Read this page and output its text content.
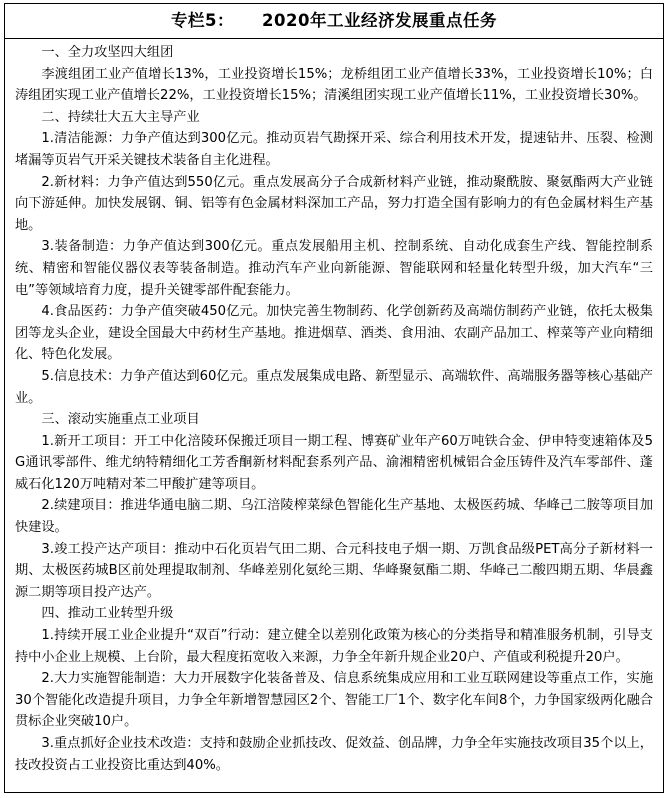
专栏5： 2020年工业经济发展重点任务

一、全力攻坚四大组团

李渡组团工业产值增长13%，工业投资增长15%；龙桥组团工业产值增长33%，工业投资增长10%；白涛组团实现工业产值增长22%，工业投资增长15%；清溪组团实现工业产值增长11%，工业投资增长30%。

二、持续壮大五大主导产业

1.清洁能源：力争产值达到300亿元。推动页岩气勘探开采、综合利用技术开发，提速钻井、压裂、检测堵漏等页岩气开采关键技术装备自主化进程。

2.新材料：力争产值达到550亿元。重点发展高分子合成新材料产业链，推动聚酰胺、聚氨酯两大产业链向下游延伸。加快发展钢、铜、铝等有色金属材料深加工产品，努力打造全国有影响力的有色金属材料生产基地。

3.装备制造：力争产值达到300亿元。重点发展船用主机、控制系统、自动化成套生产线、智能控制系统、精密和智能仪器仪表等装备制造。推动汽车产业向新能源、智能联网和轻量化转型升级，加大汽车“三电”等领域培育力度，提升关键零部件配套能力。

4.食品医药：力争产值突破450亿元。加快完善生物制药、化学创新药及高端仿制药产业链，依托太极集团等龙头企业，建设全国最大中药材生产基地。推进烟草、酒类、食用油、农副产品加工、榨菜等产业向精细化、特色化发展。

5.信息技术：力争产值达到60亿元。重点发展集成电路、新型显示、高端软件、高端服务器等核心基础产业。

三、滚动实施重点工业项目

1.新开工项目：开工中化涪陵环保搬迁项目一期工程、博赛矿业年产60万吨铁合金、伊申特变速箱体及5G通讯零部件、维尤纳特精细化工芳香酮新材料配套系列产品、渝湘精密机械铝合金压铸件及汽车零部件、蓬威石化120万吨精对苯二甲酸扩建等项目。

2.续建项目：推进华通电脑二期、乌江涪陵榨菜绿色智能化生产基地、太极医药城、华峰己二胺等项目加快建设。

3.竣工投产达产项目：推动中石化页岩气田二期、合元科技电子烟一期、万凯食品级PET高分子新材料一期、太极医药城B区前处理提取制剂、华峰差别化氨纶三期、华峰聚氨酯二期、华峰己二酸四期五期、华晨鑫源二期等项目投产达产。

四、推动工业转型升级

1.持续开展工业企业提升“双百”行动：建立健全以差别化政策为核心的分类指导和精准服务机制，引导支持中小企业上规模、上台阶，最大程度拓宽收入来源，力争全年新升规企业20户、产值或利税提升20户。

2.大力实施智能制造：大力开展数字化装备普及、信息系统集成应用和工业互联网建设等重点工作，实施30个智能化改造提升项目，力争全年新增智慧园区2个、智能工厂1个、数字化车间8个，力争国家级两化融合贯标企业突破10户。

3.重点抓好企业技术改造：支持和鼓励企业抓技改、促效益、创品牌，力争全年实施技改项目35个以上，技改投资占工业投资比重达到40%。
